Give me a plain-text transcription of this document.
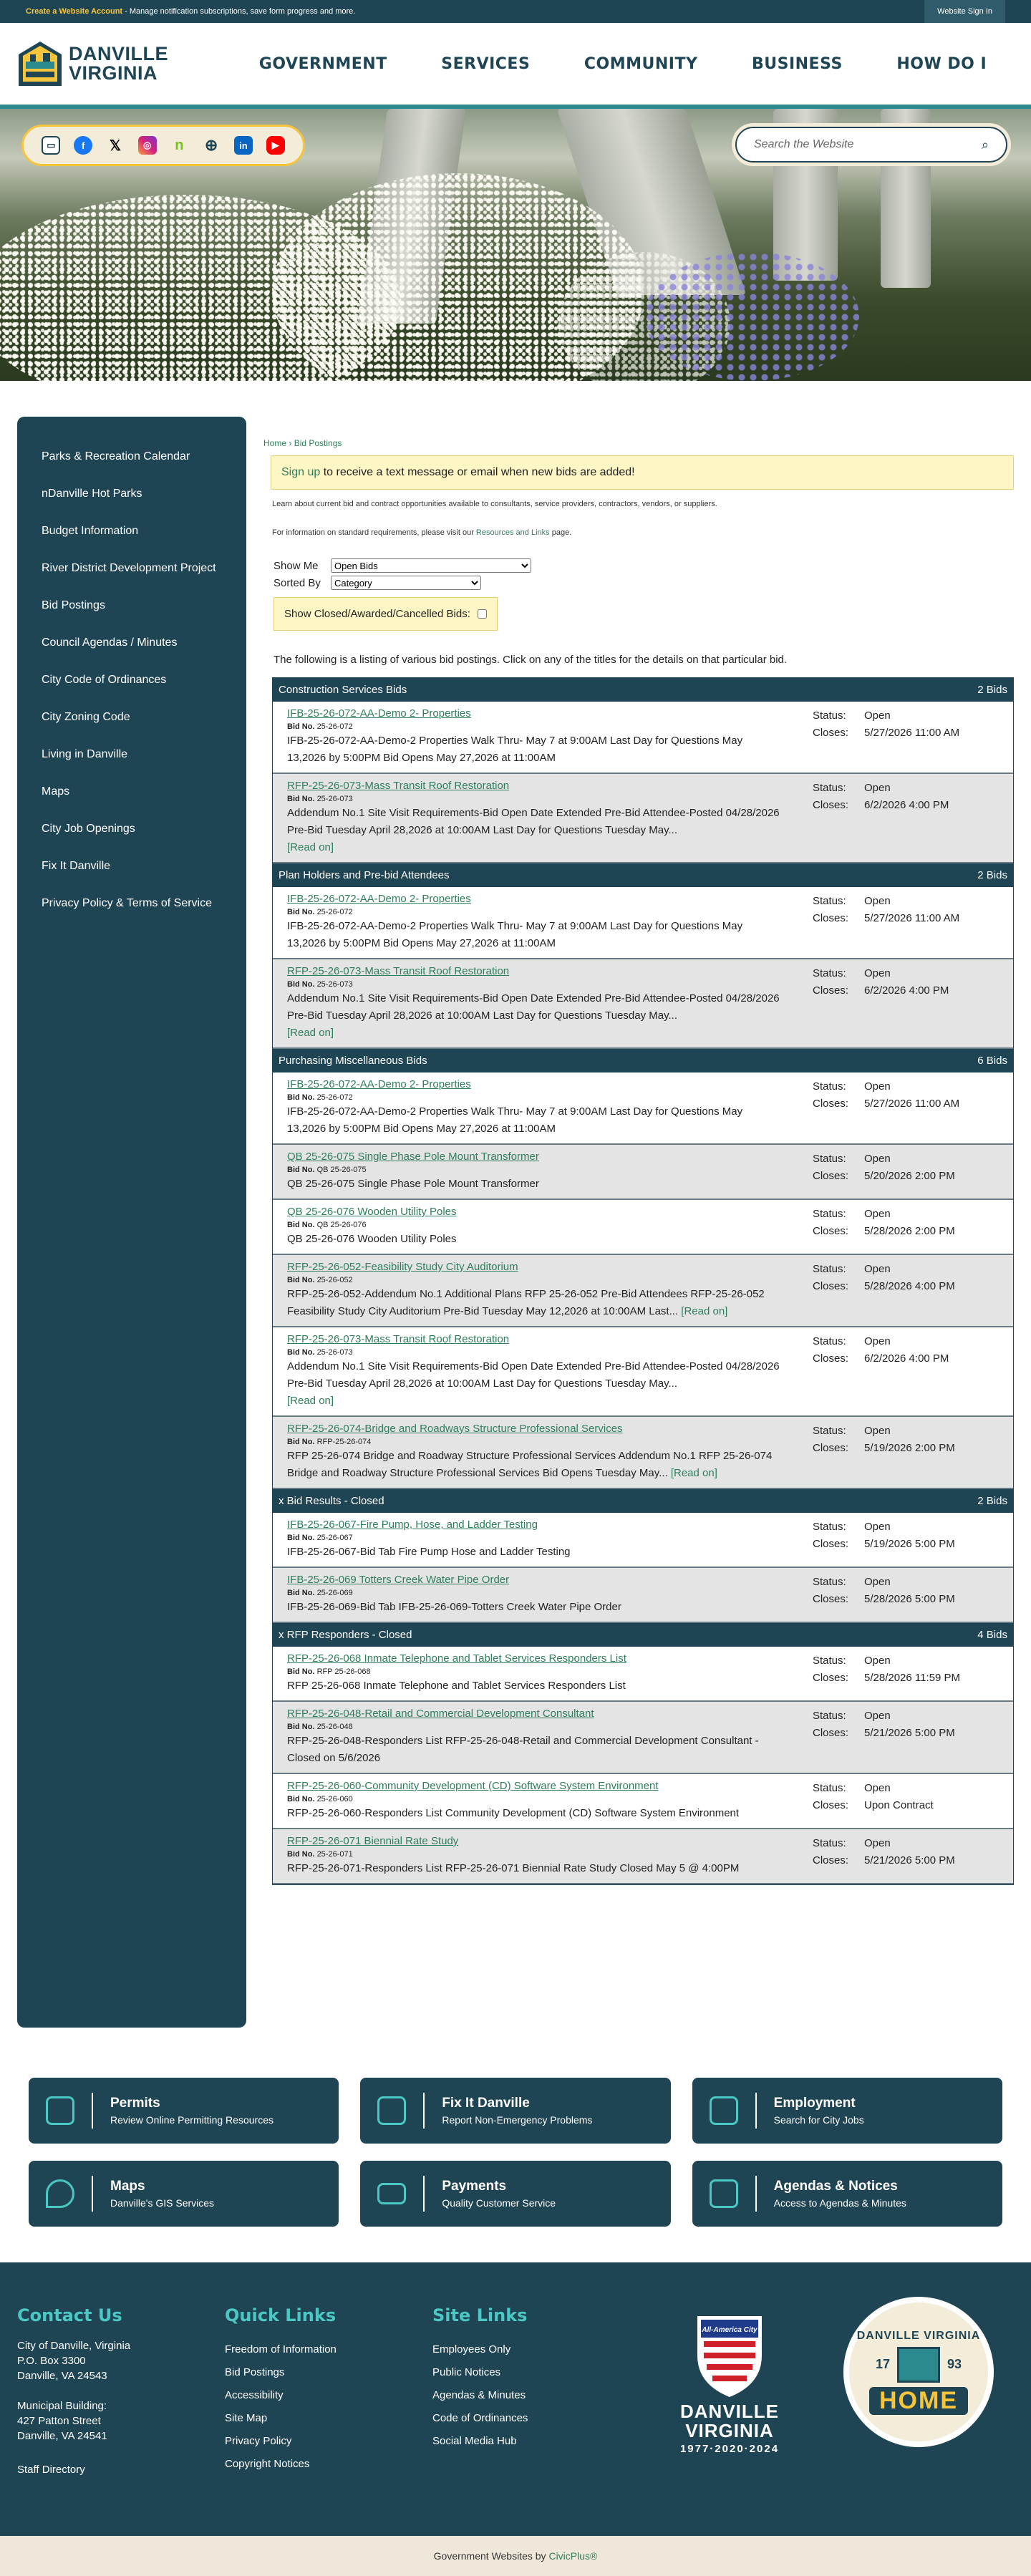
Create a Website Account - Manage notification subscriptions, save form progress and more.	Website Sign In
DANVILLE
VIRGINIA	GOVERNMENT	SERVICES	COMMUNITY	BUSINESS	HOW DO I
▭	f	𝕏	◎	n	⊕	in	▶	Search the Website	⌕
Parks & Recreation Calendar
nDanville Hot Parks
Budget Information
River District Development Project
Bid Postings
Council Agendas / Minutes
City Code of Ordinances
City Zoning Code
Living in Danville
Maps
City Job Openings
Fix It Danville
Privacy Policy & Terms of Service
Home › Bid Postings
Sign up to receive a text message or email when new bids are added!

Learn about current bid and contract opportunities available to consultants, service providers, contractors, vendors, or suppliers.

For information on standard requirements, please visit our Resources and Links page.

Show Me
Open Bids
Sorted By
Category
Show Closed/Awarded/Cancelled Bids:

The following is a listing of various bid postings. Click on any of the titles for the details on that particular bid.

Construction Services Bids	2 Bids
IFB-25-26-072-AA-Demo 2- Properties
Bid No. 25-26-072
IFB-25-26-072-AA-Demo-2 Properties Walk Thru- May 7 at 9:00AM Last Day for Questions May 13,2026 by 5:00PM Bid Opens May 27,2026 at 11:00AM
Status: Open
Closes: 5/27/2026 11:00 AM
RFP-25-26-073-Mass Transit Roof Restoration
Bid No. 25-26-073
Addendum No.1 Site Visit Requirements-Bid Open Date Extended Pre-Bid Attendee-Posted 04/28/2026 Pre-Bid Tuesday April 28,2026 at 10:00AM Last Day for Questions Tuesday May...
[Read on]
Status: Open
Closes: 6/2/2026 4:00 PM
Plan Holders and Pre-bid Attendees	2 Bids
IFB-25-26-072-AA-Demo 2- Properties
Bid No. 25-26-072
IFB-25-26-072-AA-Demo-2 Properties Walk Thru- May 7 at 9:00AM Last Day for Questions May 13,2026 by 5:00PM Bid Opens May 27,2026 at 11:00AM
Status: Open
Closes: 5/27/2026 11:00 AM
RFP-25-26-073-Mass Transit Roof Restoration
Bid No. 25-26-073
Addendum No.1 Site Visit Requirements-Bid Open Date Extended Pre-Bid Attendee-Posted 04/28/2026 Pre-Bid Tuesday April 28,2026 at 10:00AM Last Day for Questions Tuesday May...
[Read on]
Status: Open
Closes: 6/2/2026 4:00 PM
Purchasing Miscellaneous Bids	6 Bids
IFB-25-26-072-AA-Demo 2- Properties
Bid No. 25-26-072
IFB-25-26-072-AA-Demo-2 Properties Walk Thru- May 7 at 9:00AM Last Day for Questions May 13,2026 by 5:00PM Bid Opens May 27,2026 at 11:00AM
Status: Open
Closes: 5/27/2026 11:00 AM
QB 25-26-075 Single Phase Pole Mount Transformer
Bid No. QB 25-26-075
QB 25-26-075 Single Phase Pole Mount Transformer
Status: Open
Closes: 5/20/2026 2:00 PM
QB 25-26-076 Wooden Utility Poles
Bid No. QB 25-26-076
QB 25-26-076 Wooden Utility Poles
Status: Open
Closes: 5/28/2026 2:00 PM
RFP-25-26-052-Feasibility Study City Auditorium
Bid No. 25-26-052
RFP-25-26-052-Addendum No.1 Additional Plans RFP 25-26-052 Pre-Bid Attendees RFP-25-26-052 Feasibility Study City Auditorium Pre-Bid Tuesday May 12,2026 at 10:00AM Last... [Read on]
Status: Open
Closes: 5/28/2026 4:00 PM
RFP-25-26-073-Mass Transit Roof Restoration
Bid No. 25-26-073
Addendum No.1 Site Visit Requirements-Bid Open Date Extended Pre-Bid Attendee-Posted 04/28/2026 Pre-Bid Tuesday April 28,2026 at 10:00AM Last Day for Questions Tuesday May...
[Read on]
Status: Open
Closes: 6/2/2026 4:00 PM
RFP-25-26-074-Bridge and Roadways Structure Professional Services
Bid No. RFP-25-26-074
RFP 25-26-074 Bridge and Roadway Structure Professional Services Addendum No.1 RFP 25-26-074 Bridge and Roadway Structure Professional Services Bid Opens Tuesday May... [Read on]
Status: Open
Closes: 5/19/2026 2:00 PM
x Bid Results - Closed	2 Bids
IFB-25-26-067-Fire Pump, Hose, and Ladder Testing
Bid No. 25-26-067
IFB-25-26-067-Bid Tab Fire Pump Hose and Ladder Testing
Status: Open
Closes: 5/19/2026 5:00 PM
IFB-25-26-069 Totters Creek Water Pipe Order
Bid No. 25-26-069
IFB-25-26-069-Bid Tab IFB-25-26-069-Totters Creek Water Pipe Order
Status: Open
Closes: 5/28/2026 5:00 PM
x RFP Responders - Closed	4 Bids
RFP-25-26-068 Inmate Telephone and Tablet Services Responders List
Bid No. RFP 25-26-068
RFP 25-26-068 Inmate Telephone and Tablet Services Responders List
Status: Open
Closes: 5/28/2026 11:59 PM
RFP-25-26-048-Retail and Commercial Development Consultant
Bid No. 25-26-048
RFP-25-26-048-Responders List RFP-25-26-048-Retail and Commercial Development Consultant - Closed on 5/6/2026
Status: Open
Closes: 5/21/2026 5:00 PM
RFP-25-26-060-Community Development (CD) Software System Environment
Bid No. 25-26-060
RFP-25-26-060-Responders List Community Development (CD) Software System Environment
Status: Open
Closes: Upon Contract
RFP-25-26-071 Biennial Rate Study
Bid No. 25-26-071
RFP-25-26-071-Responders List RFP-25-26-071 Biennial Rate Study Closed May 5 @ 4:00PM
Status: Open
Closes: 5/21/2026 5:00 PM
Permits
Review Online Permitting Resources
Fix It Danville
Report Non-Emergency Problems
Employment
Search for City Jobs
Maps
Danville's GIS Services
Payments
Quality Customer Service
Agendas & Notices
Access to Agendas & Minutes
Contact Us

City of Danville, Virginia

P.O. Box 3300

Danville, VA 24543

Municipal Building:

427 Patton Street

Danville, VA 24541

Staff Directory
Quick Links
Freedom of Information
Bid Postings
Accessibility
Site Map
Privacy Policy
Copyright Notices
Site Links
Employees Only
Public Notices
Agendas & Minutes
Code of Ordinances
Social Media Hub
All-America City
DANVILLE
VIRGINIA
1977·2020·2024
DANVILLE VIRGINIA
17	93
HOME
Government Websites by
CivicPlus®
